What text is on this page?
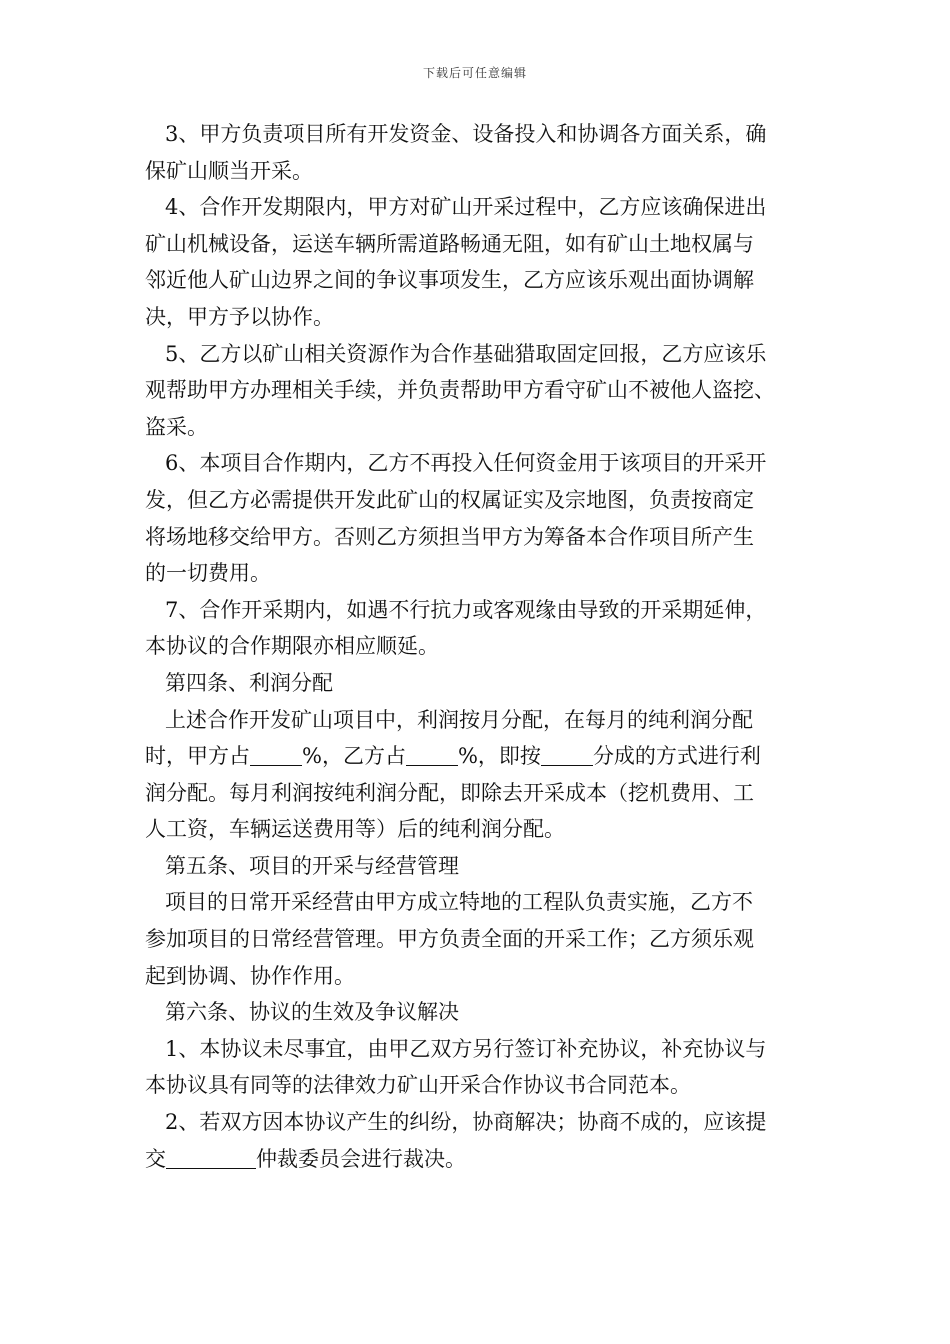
下载后可任意编辑
3、甲方负责项目所有开发资金、设备投入和协调各方面关系，确
保矿山顺当开采。
4、合作开发期限内，甲方对矿山开采过程中，乙方应该确保进出
矿山机械设备，运送车辆所需道路畅通无阻，如有矿山土地权属与
邻近他人矿山边界之间的争议事项发生，乙方应该乐观出面协调解
决，甲方予以协作。
5、乙方以矿山相关资源作为合作基础猎取固定回报，乙方应该乐
观帮助甲方办理相关手续，并负责帮助甲方看守矿山不被他人盗挖、
盗采。
6、本项目合作期内，乙方不再投入任何资金用于该项目的开采开
发，但乙方必需提供开发此矿山的权属证实及宗地图，负责按商定
将场地移交给甲方。否则乙方须担当甲方为筹备本合作项目所产生
的一切费用。
7、合作开采期内，如遇不行抗力或客观缘由导致的开采期延伸，
本协议的合作期限亦相应顺延。
第四条、利润分配
上述合作开发矿山项目中，利润按月分配，在每月的纯利润分配
时，甲方占 %，乙方占 %，即按 分成的方式进行利
润分配。每月利润按纯利润分配，即除去开采成本（挖机费用、工
人工资，车辆运送费用等）后的纯利润分配。
第五条、项目的开采与经营管理
项目的日常开采经营由甲方成立特地的工程队负责实施，乙方不
参加项目的日常经营管理。甲方负责全面的开采工作；乙方须乐观
起到协调、协作作用。
第六条、协议的生效及争议解决
1、本协议未尽事宜，由甲乙双方另行签订补充协议，补充协议与
本协议具有同等的法律效力矿山开采合作协议书合同范本。
2、若双方因本协议产生的纠纷，协商解决；协商不成的，应该提
交	仲裁委员会进行裁决。
